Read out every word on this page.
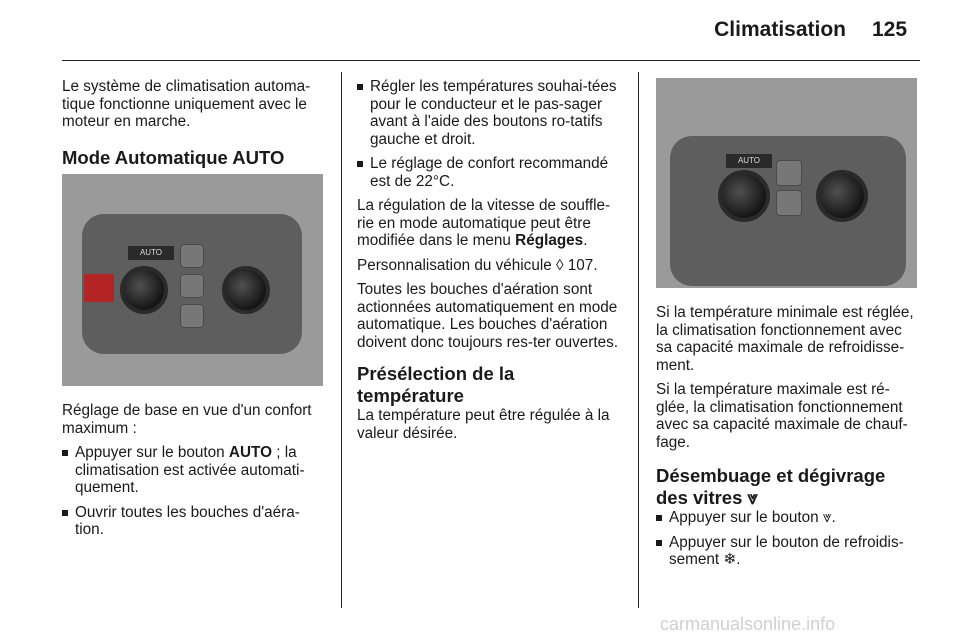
Climatisation 125

Le système de climatisation automa-tique fonctionne uniquement avec le moteur en marche.

Mode Automatique AUTO
AUTO

Réglage de base en vue d'un confort maximum :

Appuyer sur le bouton AUTO ; la climatisation est activée automati-quement.
Ouvrir toutes les bouches d'aéra-tion.
Régler les températures souhai-tées pour le conducteur et le pas-sager avant à l'aide des boutons ro-tatifs gauche et droit.
Le réglage de confort recommandé est de 22°C.

La régulation de la vitesse de souffle-rie en mode automatique peut être modifiée dans le menu Réglages.

Personnalisation du véhicule ◊ 107.

Toutes les bouches d'aération sont actionnées automatiquement en mode automatique. Les bouches d'aération doivent donc toujours res-ter ouvertes.

Présélection de la température

La température peut être régulée à la valeur désirée.

AUTO

Si la température minimale est réglée, la climatisation fonctionnement avec sa capacité maximale de refroidisse-ment.

Si la température maximale est ré-glée, la climatisation fonctionnement avec sa capacité maximale de chauf-fage.

Désembuage et dégivrage des vitres ⩔
Appuyer sur le bouton ⩔.
Appuyer sur le bouton de refroidis-sement ❄.
carmanualsonline.info
